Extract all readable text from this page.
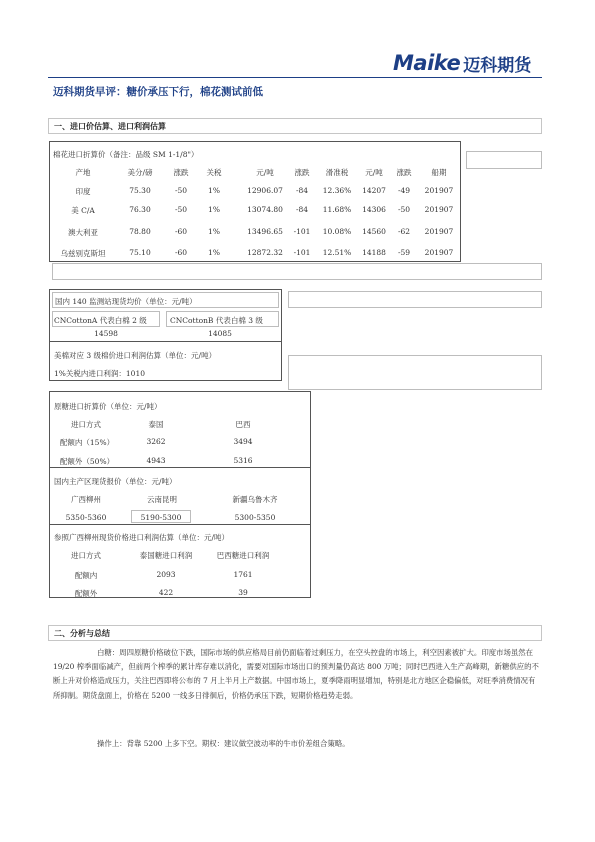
Maike 迈科期货
迈科期货早评：糖价承压下行，棉花测试前低
一、进口价估算、进口利润估算
棉花进口折算价（备注：品级 SM 1-1/8"）
产地	美分/磅	涨跌 关税	元/吨	涨跌 滑准税 元/吨 涨跌	船期
印度	75.30	-50	1%	12906.07 -84 12.36% 14207 -49 201907
美 C/A	76.30	-50	1%	13074.80 -84 11.68% 14306 -50 201907
澳大利亚	78.80	-60	1%	13496.65 -101 10.08% 14560 -62 201907
乌兹别克斯坦	75.10	-60	1%	12872.32 -101 12.51% 14188 -59 201907
国内 140 监测站现货均价（单位：元/吨）
CNCottonA 代表白棉 2 级	CNCottonB 代表白棉 3 级
14598	14085
美棉对应 3 级棉价进口利润估算（单位：元/吨）
1%关税内进口利润：1010
原糖进口折算价（单位：元/吨）
进口方式	泰国	巴西
配额内（15%）	3262	3494
配额外（50%）	4943	5316
国内主产区现货报价（单位：元/吨）
广西柳州	云南昆明	新疆乌鲁木齐
5350-5360	5190-5300	5300-5350
参照广西柳州现货价格进口利润估算（单位：元/吨）
进口方式	泰国糖进口利润	巴西糖进口利润
配额内	2093	1761
配额外	422	39
二、分析与总结

白糖：周四原糖价格破位下跌，国际市场的供应格局目前仍面临着过剩压力，在空头控盘的市场上，利空因素被扩大。印度市场虽然在 19/20 榨季面临减产，但前两个榨季的累计库存难以消化，需要对国际市场出口的预判量仍高达 800 万吨；同时巴西进入生产高峰期，新糖供应的不断上升对价格造成压力，关注巴西即将公布的 7 月上半月上产数据。中国市场上，夏季降雨明显增加，特别是北方地区企稳偏低，对旺季消费情况有所抑制。期货盘面上，价格在 5200 一线多日徘徊后，价格仍承压下跌，短期价格趋势走弱。

操作上：背靠 5200 上多下空。期权：建议做空波动率的牛市价差组合策略。
